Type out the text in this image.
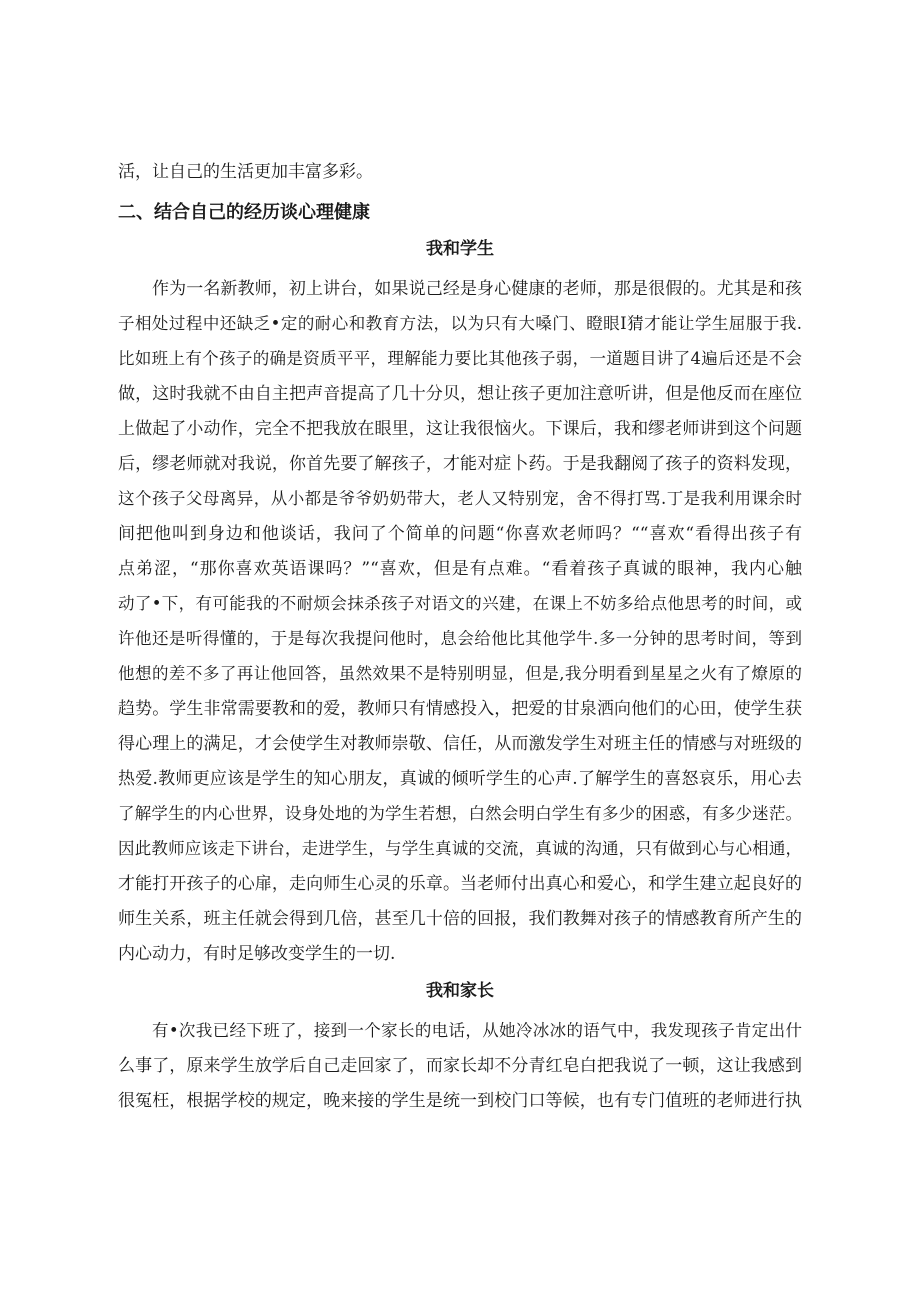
活，让自己的生活更加丰富多彩。

二、结合自己的经历谈心理健康
我和学生

作为一名新教师，初上讲台，如果说己经是身心健康的老师，那是很假的。尤其是和孩

子相处过程中还缺乏•定的耐心和教育方法，以为只有大嗓门、瞪眼I猜才能让学生屈服于我.

比如班上有个孩子的确是资质平平，理解能力要比其他孩子弱，一道题目讲了4遍后还是不会

做，这时我就不由自主把声音提高了几十分贝，想让孩子更加注意听讲，但是他反而在座位

上做起了小动作，完全不把我放在眼里，这让我很恼火。下课后，我和缪老师讲到这个问题

后，缪老师就对我说，你首先要了解孩子，才能对症卜药。于是我翻阅了孩子的资料发现，

这个孩子父母离异，从小都是爷爷奶奶带大，老人又特别宠，舍不得打骂.丁是我利用课余时

间把他叫到身边和他谈话，我问了个简单的问题“你喜欢老师吗？““喜欢“看得出孩子有

点弟涩，“那你喜欢英语课吗？”“喜欢，但是有点难。“看着孩子真诚的眼神，我内心触

动了•下，有可能我的不耐烦会抹杀孩子对语文的兴建，在课上不妨多给点他思考的时间，或

许他还是听得懂的，于是每次我提问他时，息会给他比其他学牛.多一分钟的思考时间，等到

他想的差不多了再让他回答，虽然效果不是特别明显，但是,我分明看到星星之火有了燎原的

趋势。学生非常需要教和的爱，教师只有情感投入，把爱的甘泉洒向他们的心田，使学生获

得心理上的满足，才会使学生对教师崇敬、信任，从而激发学生对班主任的情感与对班级的

热爱.教师更应该是学生的知心朋友，真诚的倾听学生的心声.了解学生的喜怒哀乐，用心去

了解学生的内心世界，设身处地的为学生若想，白然会明白学生有多少的困惑，有多少迷茫。

因此教师应该走下讲台，走进学生，与学生真诚的交流，真诚的沟通，只有做到心与心相通，

才能打开孩子的心扉，走向师生心灵的乐章。当老师付出真心和爱心，和学生建立起良好的

师生关系，班主任就会得到几倍，甚至几十倍的回报，我们教舞对孩子的情感教育所产生的

内心动力，有时足够改变学生的一切.

我和家长

有•次我已经下班了，接到一个家长的电话，从她冷冰冰的语气中，我发现孩子肯定出什

么事了，原来学生放学后自己走回家了，而家长却不分青红皂白把我说了一顿，这让我感到

很冤枉，根据学校的规定，晚来接的学生是统一到校门口等候，也有专门值班的老师进行执
